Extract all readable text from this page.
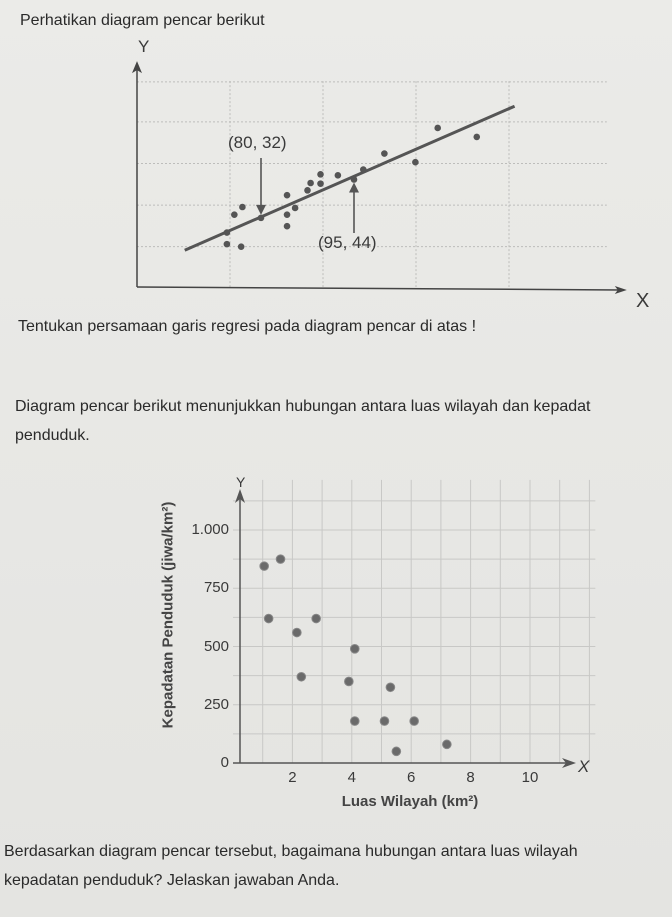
Perhatikan diagram pencar berikut
Tentukan persamaan garis regresi pada diagram pencar di atas !
Diagram pencar berikut menunjukkan hubungan antara luas wilayah dan kepadat
penduduk.
Berdasarkan diagram pencar tersebut, bagaimana hubungan antara luas wilayah
kepadatan penduduk? Jelaskan jawaban Anda.
Y
X
(80, 32)
(95, 44)
Y
X
Kepadatan Penduduk (jiwa/km²)
Luas Wilayah (km²)
2	4	6	8	10
0
250
500
750
1.000
